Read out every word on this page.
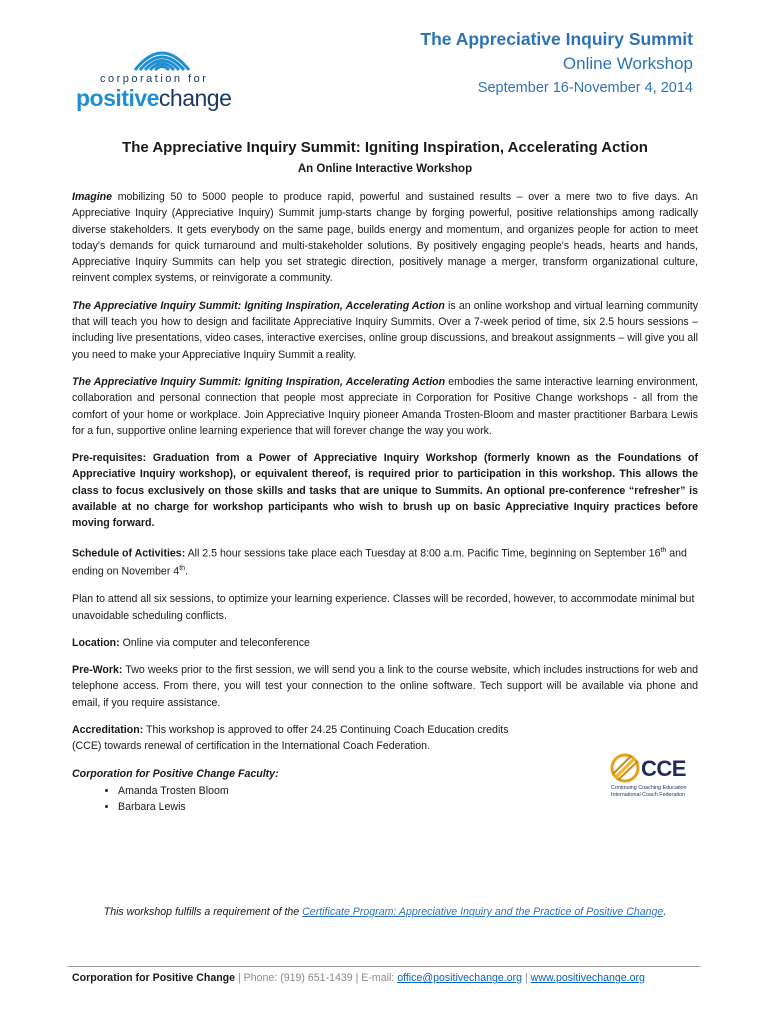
corporation for
positivechange
The Appreciative Inquiry Summit
Online Workshop
September 16-November 4, 2014
The Appreciative Inquiry Summit: Igniting Inspiration, Accelerating Action
An Online Interactive Workshop

Imagine mobilizing 50 to 5000 people to produce rapid, powerful and sustained results – over a mere two to five days. An Appreciative Inquiry (Appreciative Inquiry) Summit jump-starts change by forging powerful, positive relationships among radically diverse stakeholders. It gets everybody on the same page, builds energy and momentum, and organizes people for action to meet today's demands for quick turnaround and multi-stakeholder solutions. By positively engaging people's heads, hearts and hands, Appreciative Inquiry Summits can help you set strategic direction, positively manage a merger, transform organizational culture, reinvent complex systems, or reinvigorate a community.

The Appreciative Inquiry Summit: Igniting Inspiration, Accelerating Action is an online workshop and virtual learning community that will teach you how to design and facilitate Appreciative Inquiry Summits. Over a 7-week period of time, six 2.5 hours sessions – including live presentations, video cases, interactive exercises, online group discussions, and breakout assignments – will give you all you need to make your Appreciative Inquiry Summit a reality.

The Appreciative Inquiry Summit: Igniting Inspiration, Accelerating Action embodies the same interactive learning environment, collaboration and personal connection that people most appreciate in Corporation for Positive Change workshops - all from the comfort of your home or workplace. Join Appreciative Inquiry pioneer Amanda Trosten-Bloom and master practitioner Barbara Lewis for a fun, supportive online learning experience that will forever change the way you work.

Pre-requisites: Graduation from a Power of Appreciative Inquiry Workshop (formerly known as the Foundations of Appreciative Inquiry workshop), or equivalent thereof, is required prior to participation in this workshop. This allows the class to focus exclusively on those skills and tasks that are unique to Summits. An optional pre-conference “refresher” is available at no charge for workshop participants who wish to brush up on basic Appreciative Inquiry practices before moving forward.

Schedule of Activities: All 2.5 hour sessions take place each Tuesday at 8:00 a.m. Pacific Time, beginning on September 16th and ending on November 4th.

Plan to attend all six sessions, to optimize your learning experience. Classes will be recorded, however, to accommodate minimal but unavoidable scheduling conflicts.

Location: Online via computer and teleconference

Pre-Work: Two weeks prior to the first session, we will send you a link to the course website, which includes instructions for web and telephone access. From there, you will test your connection to the online software. Tech support will be available via phone and email, if you require assistance.

Accreditation: This workshop is approved to offer 24.25 Continuing Coach Education credits (CCE) towards renewal of certification in the International Coach Federation.

Corporation for Positive Change Faculty:
• Amanda Trosten Bloom
• Barbara Lewis
CCE
Continuing Coaching Education
International Coach Federation
This workshop fulfills a requirement of the Certificate Program: Appreciative Inquiry and the Practice of Positive Change.
Corporation for Positive Change | Phone: (919) 651-1439 | E-mail: office@positivechange.org | www.positivechange.org
